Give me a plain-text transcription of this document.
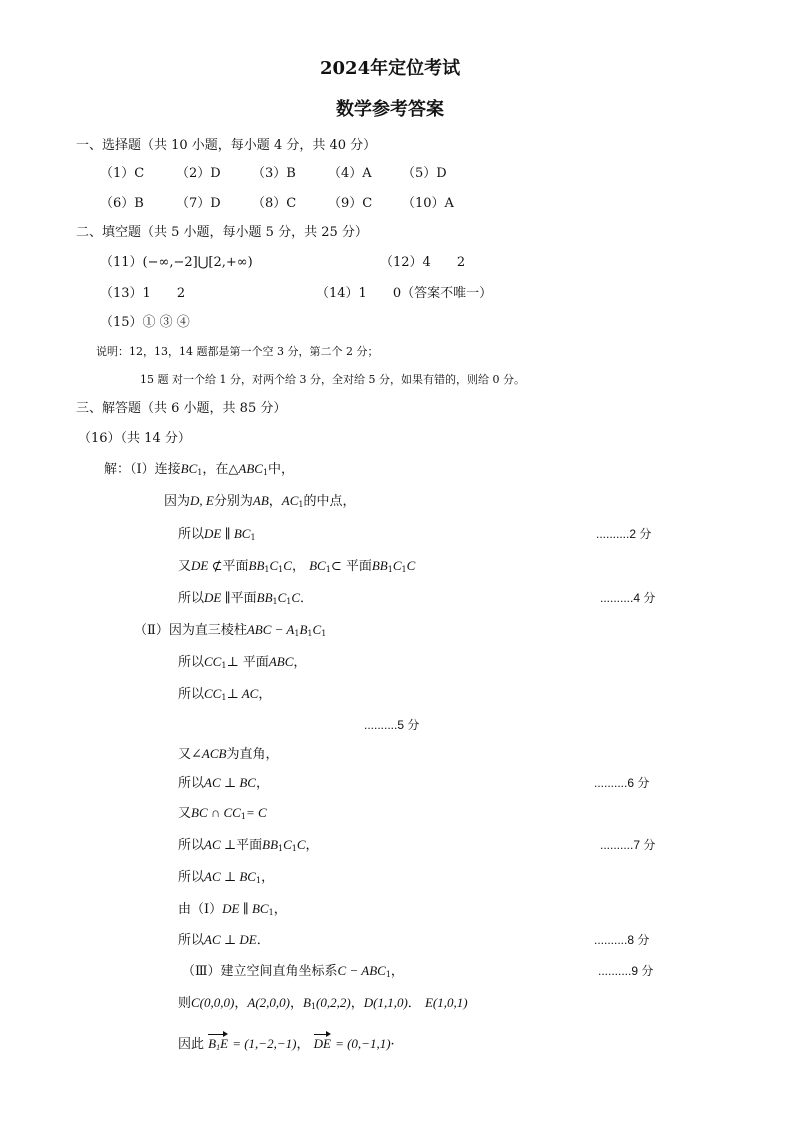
2024年定位考试
数学参考答案
一、选择题（共 10 小题，每小题 4 分，共 40 分）
（1）C （2）D （3）B （4）A （5）D
（6）B （7）D （8）C （9）C （10）A
二、填空题（共 5 小题，每小题 5 分，共 25 分）
（11）(−∞,−2]⋃[2,+∞)	（12）4　　2
（13）1　　2	（14）1　　0（答案不唯一）
（15）① ③ ④
说明：12，13，14 题都是第一个空 3 分，第二个 2 分；
15 题 对一个给 1 分，对两个给 3 分，全对给 5 分，如果有错的，则给 0 分。
三、解答题（共 6 小题，共 85 分）
（16）（共 14 分）
解：（Ⅰ）连接$BC_1$，在$\triangle ABC_1$中，
因为D, E分别为AB，$AC_1$的中点，
所以DE ∥ $BC_1$	..........2 分
又DE ⊄平面$BB_1C_1C$， $BC_1\subset$ 平面$BB_1C_1C$
所以DE ∥平面$BB_1C_1C$．	..........4 分
（Ⅱ）因为直三棱柱ABC − $A_1B_1C_1$
所以$CC_1\perp$ 平面ABC，
所以$CC_1\perp$ AC，
..........5 分
又∠ACB为直角，
所以AC ⊥ BC，	..........6 分
又BC ∩ $CC_1= C$
所以AC ⊥平面$BB_1C_1C$，	..........7 分
所以AC ⊥ $BC_1$，
由（Ⅰ）DE ∥ $BC_1$，
所以AC ⊥ DE．	..........8 分
（Ⅲ）建立空间直角坐标系$C - ABC_1$，	..........9 分
则C(0,0,0)，A(2,0,0)，$B_1(0,2,2)$，D(1,1,0)． E(1,0,1)
因此 $B_1E = (1,-2,-1)$， DE = (0,−1,1)·
